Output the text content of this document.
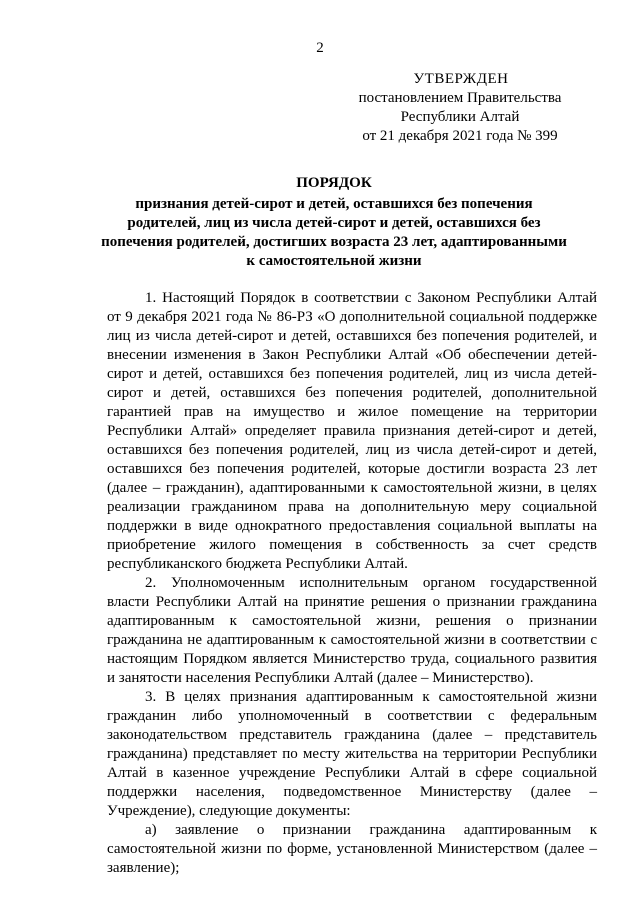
2
УТВЕРЖДЕН
постановлением Правительства
Республики Алтай
от 21 декабря 2021 года № 399
ПОРЯДОК
признания детей-сирот и детей, оставшихся без попечения родителей, лиц из числа детей-сирот и детей, оставшихся без попечения родителей, достигших возраста 23 лет, адаптированными к самостоятельной жизни

1. Настоящий Порядок в соответствии с Законом Республики Алтай от 9 декабря 2021 года № 86-РЗ «О дополнительной социальной поддержке лиц из числа детей-сирот и детей, оставшихся без попечения родителей, и внесении изменения в Закон Республики Алтай «Об обеспечении детей-сирот и детей, оставшихся без попечения родителей, лиц из числа детей-сирот и детей, оставшихся без попечения родителей, дополнительной гарантией прав на имущество и жилое помещение на территории Республики Алтай» определяет правила признания детей-сирот и детей, оставшихся без попечения родителей, лиц из числа детей-сирот и детей, оставшихся без попечения родителей, которые достигли возраста 23 лет (далее – гражданин), адаптированными к самостоятельной жизни, в целях реализации гражданином права на дополнительную меру социальной поддержки в виде однократного предоставления социальной выплаты на приобретение жилого помещения в собственность за счет средств республиканского бюджета Республики Алтай.

2. Уполномоченным исполнительным органом государственной власти Республики Алтай на принятие решения о признании гражданина адаптированным к самостоятельной жизни, решения о признании гражданина не адаптированным к самостоятельной жизни в соответствии с настоящим Порядком является Министерство труда, социального развития и занятости населения Республики Алтай (далее – Министерство).

3. В целях признания адаптированным к самостоятельной жизни гражданин либо уполномоченный в соответствии с федеральным законодательством представитель гражданина (далее – представитель гражданина) представляет по месту жительства на территории Республики Алтай в казенное учреждение Республики Алтай в сфере социальной поддержки населения, подведомственное Министерству (далее – Учреждение), следующие документы:

а) заявление о признании гражданина адаптированным к самостоятельной жизни по форме, установленной Министерством (далее – заявление);
